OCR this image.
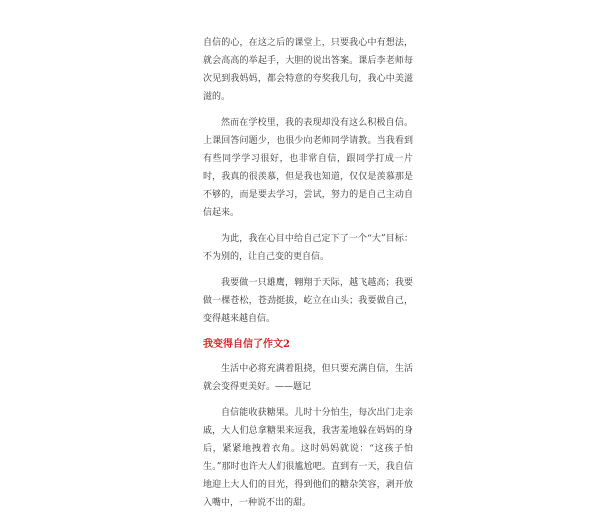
自信的心，在这之后的课堂上，只要我心中有想法，就会高高的举起手，大胆的说出答案。课后李老师每次见到我妈妈，都会特意的夸奖我几句，我心中美滋滋的。

然而在学校里，我的表现却没有这么积极自信。上课回答问题少，也很少向老师同学请教。当我看到有些同学学习很好，也非常自信，跟同学打成一片时，我真的很羡慕，但是我也知道，仅仅是羡慕那是不够的，而是要去学习，尝试，努力的是自己主动自信起来。

为此，我在心目中给自己定下了一个“大”目标：不为别的，让自己变的更自信。

我要做一只雄鹰，翱翔于天际，越飞越高；我要做一棵苍松，苍劲挺拔，屹立在山头；我要做自己，变得越来越自信。

我变得自信了作文2

生活中必将充满着阻挠，但只要充满自信，生活就会变得更美好。——题记

自信能收获糖果。儿时十分怕生，每次出门走亲戚，大人们总拿糖果来逗我，我害羞地躲在妈妈的身后，紧紧地拽着衣角。这时妈妈就说：“这孩子怕生。”那时也许大人们很尴尬吧。直到有一天，我自信地迎上大人们的目光，得到他们的糖杂笑容，剥开放入嘴中，一种说不出的甜。
